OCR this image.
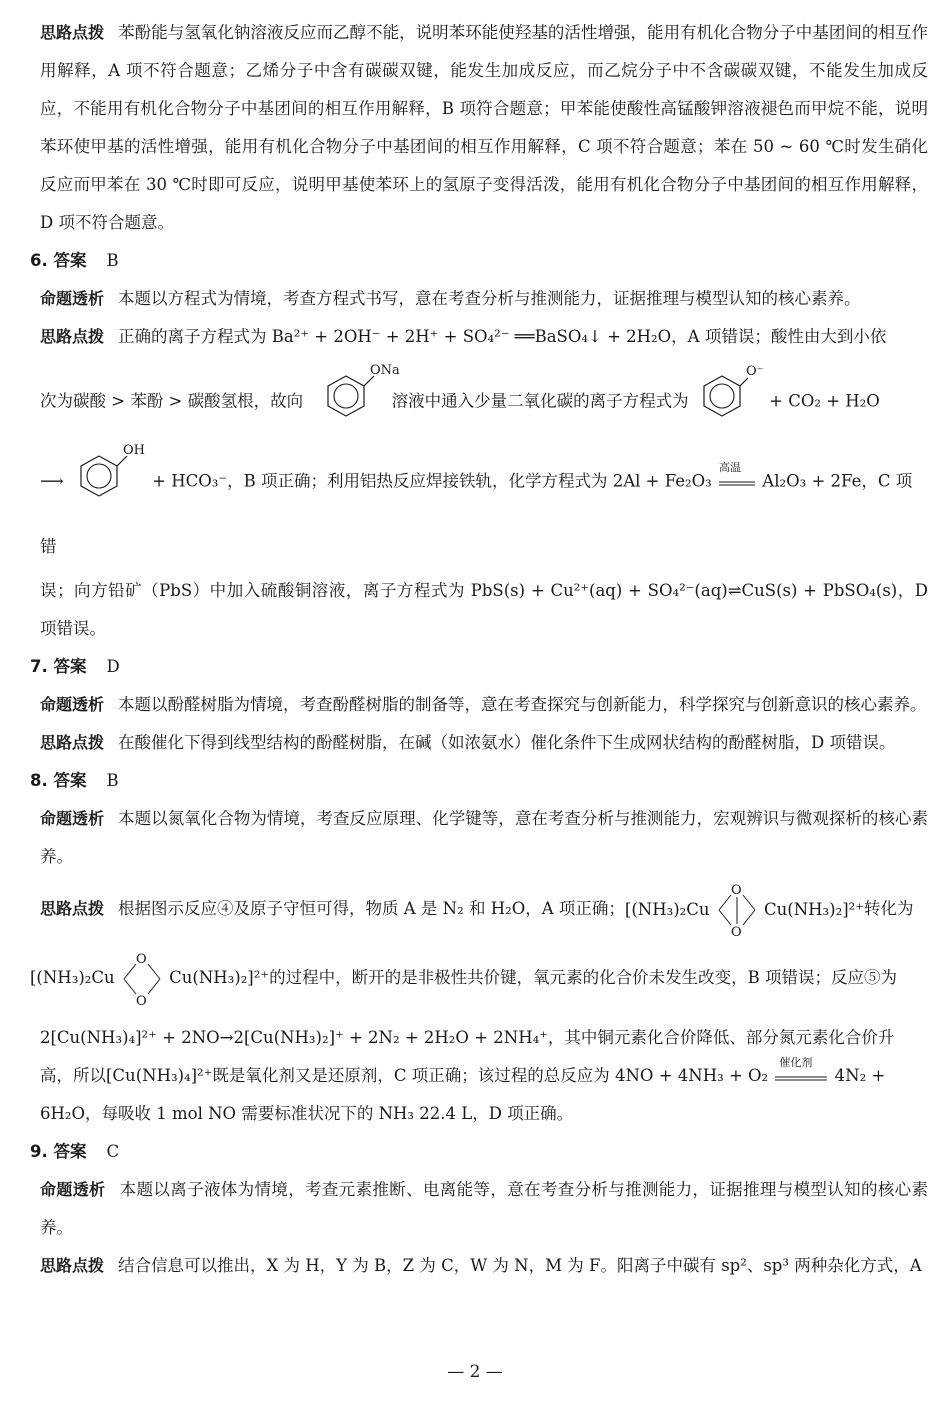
思路点拨 苯酚能与氢氧化钠溶液反应而乙醇不能，说明苯环能使羟基的活性增强，能用有机化合物分子中基团间的相互作用解释，A 项不符合题意；乙烯分子中含有碳碳双键，能发生加成反应，而乙烷分子中不含碳碳双键，不能发生加成反应，不能用有机化合物分子中基团间的相互作用解释，B 项符合题意；甲苯能使酸性高锰酸钾溶液褪色而甲烷不能，说明苯环使甲基的活性增强，能用有机化合物分子中基团间的相互作用解释，C 项不符合题意；苯在 50 ~ 60 ℃时发生硝化反应而甲苯在 30 ℃时即可反应，说明甲基使苯环上的氢原子变得活泼，能用有机化合物分子中基团间的相互作用解释，D 项不符合题意。

6. 答案 B

命题透析 本题以方程式为情境，考查方程式书写，意在考查分析与推测能力，证据推理与模型认知的核心素养。

思路点拨 正确的离子方程式为 Ba²⁺ + 2OH⁻ + 2H⁺ + SO₄²⁻ ══BaSO₄↓ + 2H₂O，A 项错误；酸性由大到小依

次为碳酸 > 苯酚 > 碳酸氢根，故向
ONa
溶液中通入少量二氧化碳的离子方程式为
O⁻
+ CO₂ + H₂O

⟶
OH
+ HCO₃⁻，B 项正确；利用铝热反应焊接铁轨，化学方程式为 2Al + Fe₂O₃
高温
Al₂O₃ + 2Fe，C 项错

误；向方铅矿（PbS）中加入硫酸铜溶液，离子方程式为 PbS(s) + Cu²⁺(aq) + SO₄²⁻(aq)⇌CuS(s) + PbSO₄(s)，D 项错误。

7. 答案 D

命题透析 本题以酚醛树脂为情境，考查酚醛树脂的制备等，意在考查探究与创新能力，科学探究与创新意识的核心素养。

思路点拨 在酸催化下得到线型结构的酚醛树脂，在碱（如浓氨水）催化条件下生成网状结构的酚醛树脂，D 项错误。

8. 答案 B

命题透析 本题以氮氧化合物为情境，考查反应原理、化学键等，意在考查分析与推测能力，宏观辨识与微观探析的核心素养。

思路点拨 根据图示反应④及原子守恒可得，物质 A 是 N₂ 和 H₂O，A 项正确；[(NH₃)₂Cu
O
O
Cu(NH₃)₂]²⁺转化为

[(NH₃)₂Cu
O
O
Cu(NH₃)₂]²⁺的过程中，断开的是非极性共价键，氧元素的化合价未发生改变，B 项错误；反应⑤为

2[Cu(NH₃)₄]²⁺ + 2NO→2[Cu(NH₃)₂]⁺ + 2N₂ + 2H₂O + 2NH₄⁺，其中铜元素化合价降低、部分氮元素化合价升

高，所以[Cu(NH₃)₄]²⁺既是氧化剂又是还原剂，C 项正确；该过程的总反应为 4NO + 4NH₃ + O₂
催化剂
4N₂ +

6H₂O，每吸收 1 mol NO 需要标准状况下的 NH₃ 22.4 L，D 项正确。

9. 答案 C

命题透析 本题以离子液体为情境，考查元素推断、电离能等，意在考查分析与推测能力，证据推理与模型认知的核心素养。

思路点拨 结合信息可以推出，X 为 H，Y 为 B，Z 为 C，W 为 N，M 为 F。阳离子中碳有 sp²、sp³ 两种杂化方式，A

— 2 —
